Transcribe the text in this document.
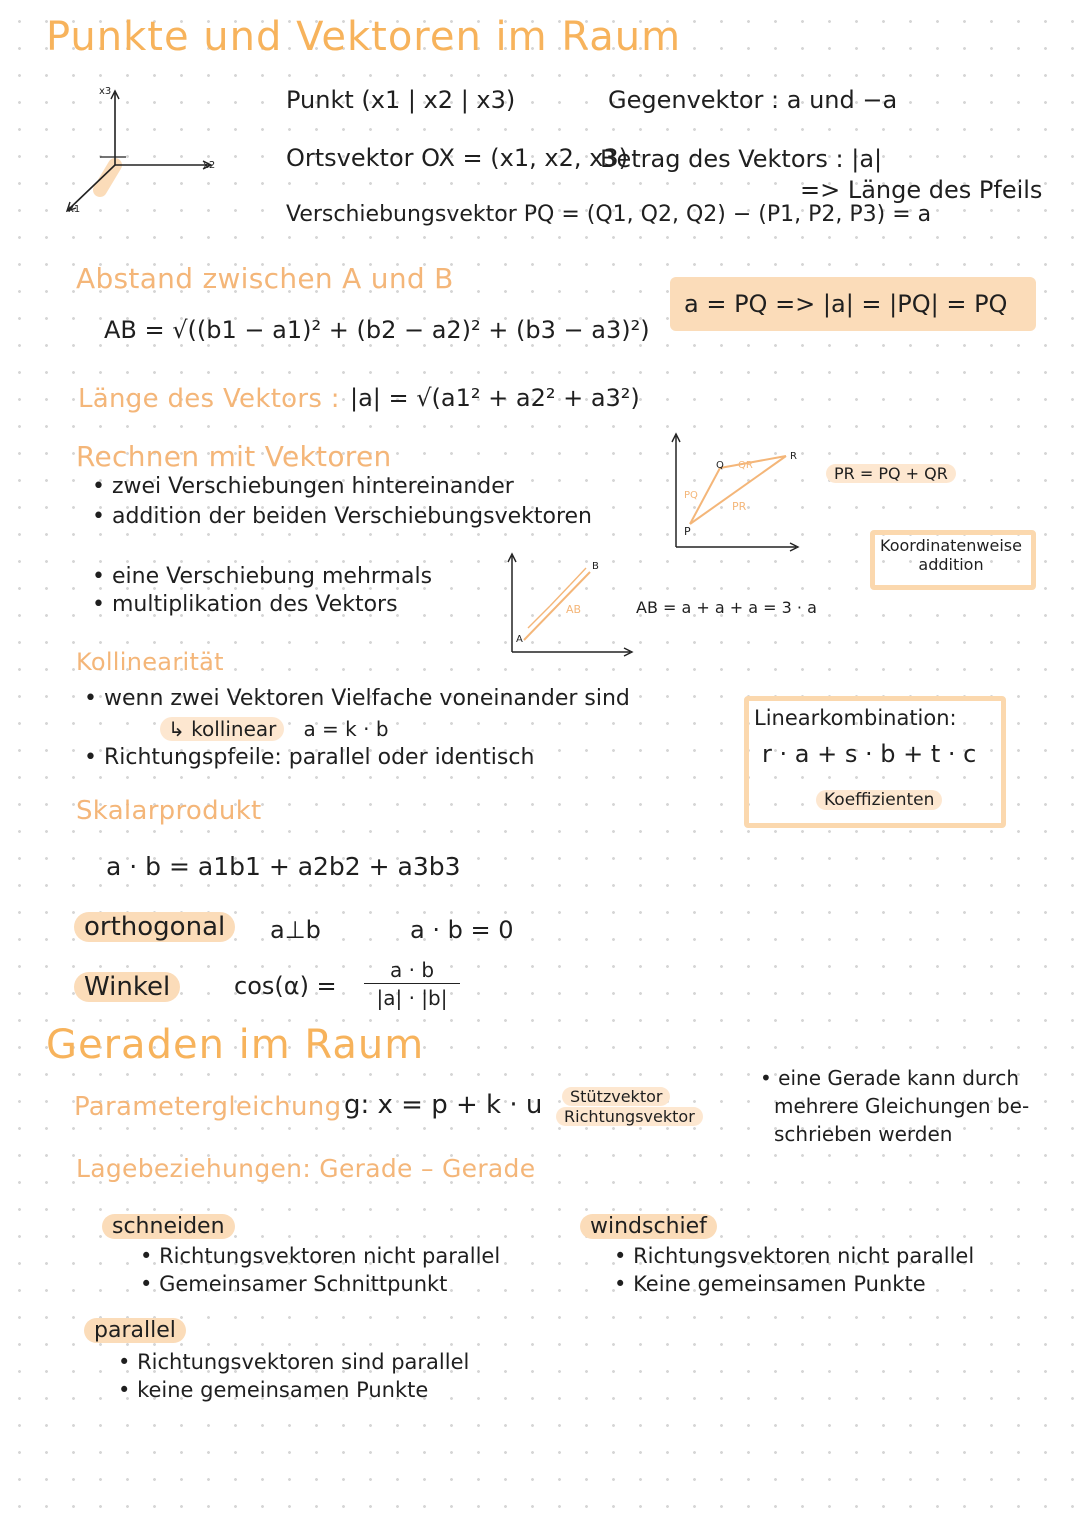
Punkte und Vektoren im Raum
x3
x2
x1
Punkt (x1 | x2 | x3)
Ortsvektor OX = (x1, x2, x3)
Verschiebungsvektor PQ = (Q1, Q2, Q2) − (P1, P2, P3) = a
Gegenvektor : a und −a
Betrag des Vektors : |a|
=> Länge des Pfeils
Abstand zwischen A und B
a = PQ => |a| = |PQ| = PQ
AB = √((b1 − a1)² + (b2 − a2)² + (b3 − a3)²)
Länge des Vektors : |a| = √(a1² + a2² + a3²)
Rechnen mit Vektoren
• zwei Verschiebungen hintereinander
• addition der beiden Verschiebungsvektoren
P
Q
R
PQ
QR
PR
PR = PQ + QR
Koordinatenweise addition
• eine Verschiebung mehrmals
• multiplikation des Vektors
A
B
AB	AB = a + a + a = 3 · a
Kollinearität
• wenn zwei Vektoren Vielfache voneinander sind
↳ kollinear a = k · b
• Richtungspfeile: parallel oder identisch
Linearkombination:
r · a + s · b + t · c
Koeffizienten
Skalarprodukt
a · b = a1b1 + a2b2 + a3b3
orthogonal	a⊥b	a · b = 0
Winkel	cos(α) =
a · b
|a| · |b|
Geraden im Raum
Parametergleichung g: x = p + k · u	Stützvektor
Richtungsvektor
• eine Gerade kann durch
mehrere Gleichungen be-
schrieben werden
Lagebeziehungen: Gerade – Gerade
schneiden
• Richtungsvektoren nicht parallel
• Gemeinsamer Schnittpunkt
windschief
• Richtungsvektoren nicht parallel
• Keine gemeinsamen Punkte
parallel
• Richtungsvektoren sind parallel
• keine gemeinsamen Punkte
